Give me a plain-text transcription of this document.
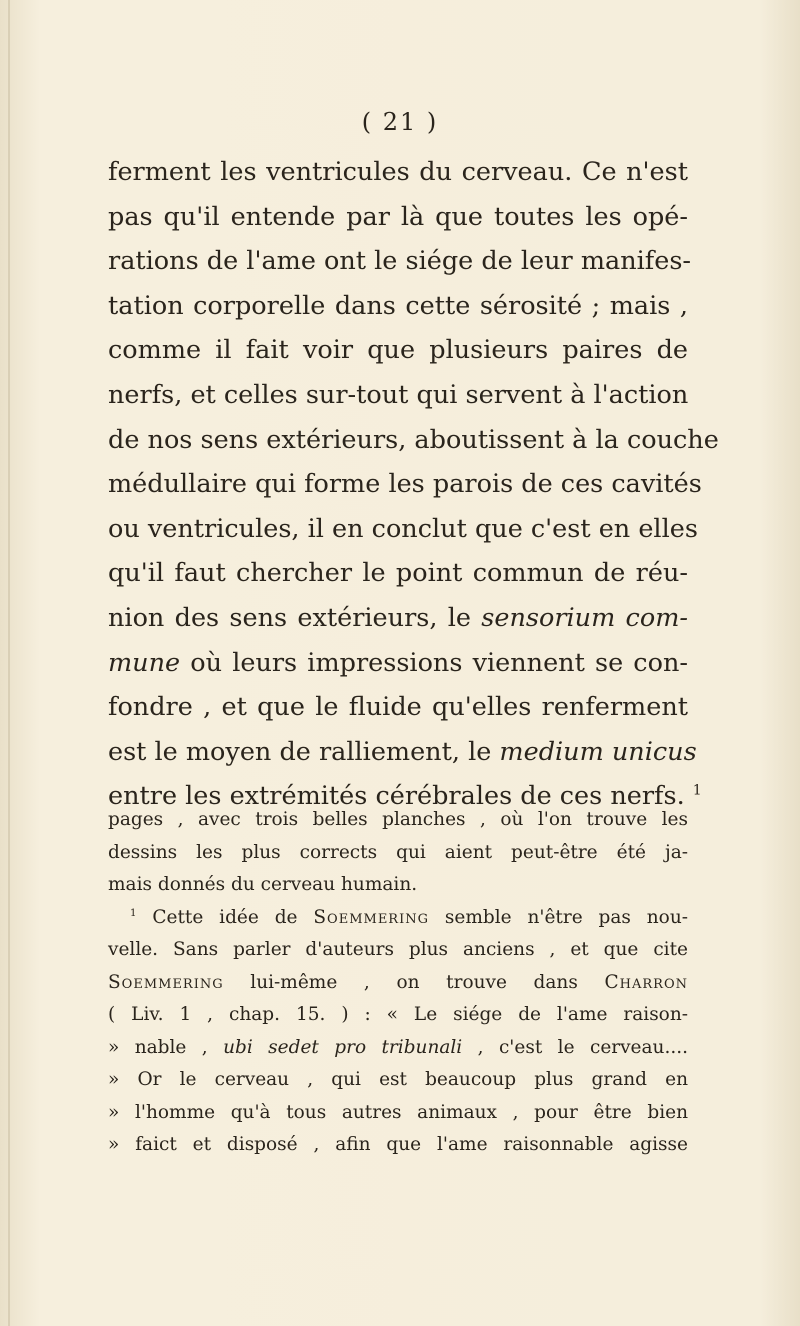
( 21 )
ferment les ventricules du cerveau. Ce n'est
pas qu'il entende par là que toutes les opé-
rations de l'ame ont le siége de leur manifes-
tation corporelle dans cette sérosité ; mais ,
comme il fait voir que plusieurs paires de
nerfs, et celles sur-tout qui servent à l'action
de nos sens extérieurs, aboutissent à la couche
médullaire qui forme les parois de ces cavités
ou ventricules, il en conclut que c'est en elles
qu'il faut chercher le point commun de réu-
nion des sens extérieurs, le sensorium com-
mune où leurs impressions viennent se con-
fondre , et que le fluide qu'elles renferment
est le moyen de ralliement, le medium unicus
entre les extrémités cérébrales de ces nerfs. $^1$
pages , avec trois belles planches , où l'on trouve les
dessins les plus corrects qui aient peut-être été ja-
mais donnés du cerveau humain.
$^1$ Cette idée de Soemmering semble n'être pas nou-
velle. Sans parler d'auteurs plus anciens , et que cite
Soemmering lui-même , on trouve dans Charron
( Liv. 1 , chap. 15. ) : « Le siége de l'ame raison-
» nable , ubi sedet pro tribunali , c'est le cerveau....
» Or le cerveau , qui est beaucoup plus grand en
» l'homme qu'à tous autres animaux , pour être bien
» faict et disposé , afin que l'ame raisonnable agisse
